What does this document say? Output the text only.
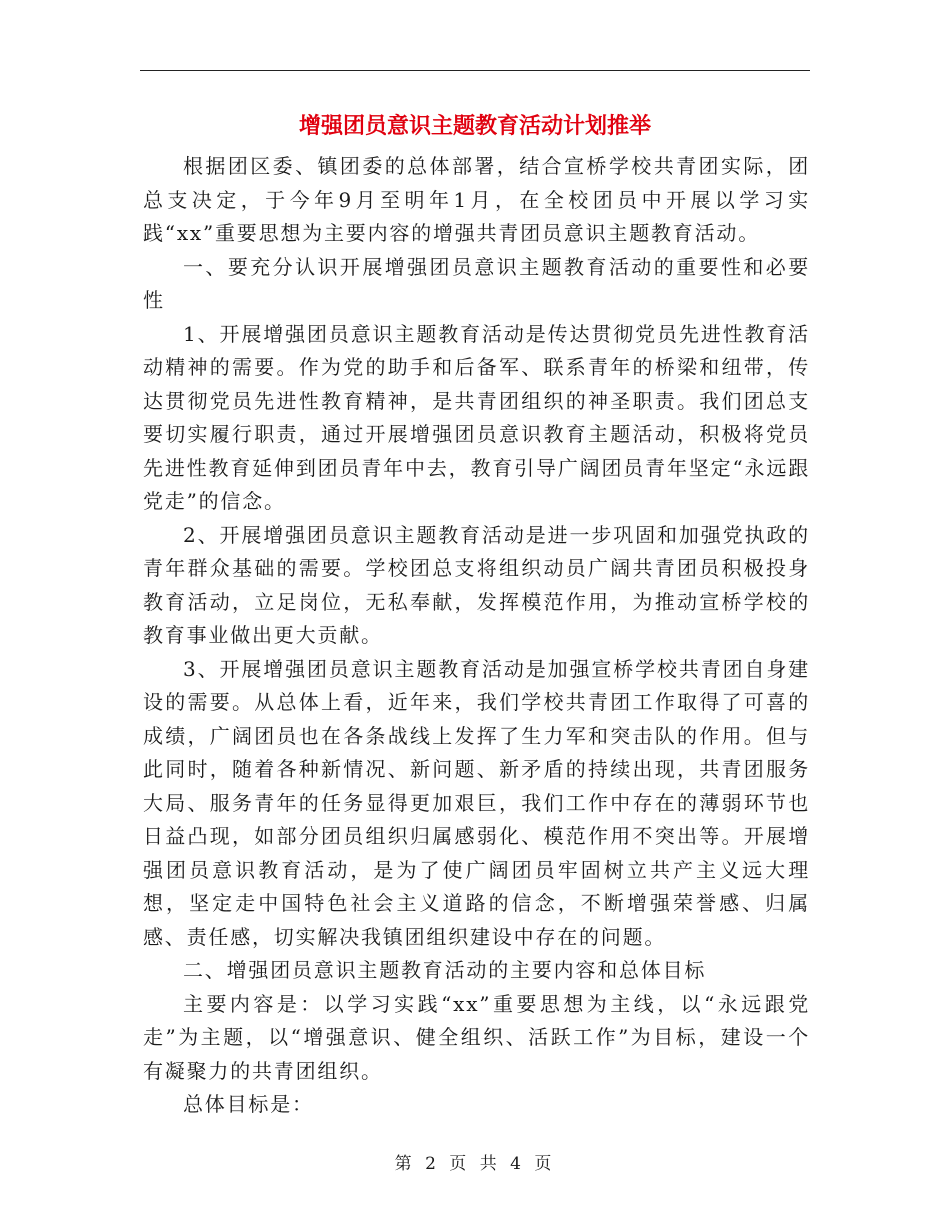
增强团员意识主题教育活动计划推举

根据团区委、镇团委的总体部署，结合宣桥学校共青团实际，团总支决定，于今年9月至明年1月，在全校团员中开展以学习实践“xx”重要思想为主要内容的增强共青团员意识主题教育活动。

一、要充分认识开展增强团员意识主题教育活动的重要性和必要性

1、开展增强团员意识主题教育活动是传达贯彻党员先进性教育活动精神的需要。作为党的助手和后备军、联系青年的桥梁和纽带，传达贯彻党员先进性教育精神，是共青团组织的神圣职责。我们团总支要切实履行职责，通过开展增强团员意识教育主题活动，积极将党员先进性教育延伸到团员青年中去，教育引导广阔团员青年坚定“永远跟党走”的信念。

2、开展增强团员意识主题教育活动是进一步巩固和加强党执政的青年群众基础的需要。学校团总支将组织动员广阔共青团员积极投身教育活动，立足岗位，无私奉献，发挥模范作用，为推动宣桥学校的教育事业做出更大贡献。

3、开展增强团员意识主题教育活动是加强宣桥学校共青团自身建设的需要。从总体上看，近年来，我们学校共青团工作取得了可喜的成绩，广阔团员也在各条战线上发挥了生力军和突击队的作用。但与此同时，随着各种新情况、新问题、新矛盾的持续出现，共青团服务大局、服务青年的任务显得更加艰巨，我们工作中存在的薄弱环节也日益凸现，如部分团员组织归属感弱化、模范作用不突出等。开展增强团员意识教育活动，是为了使广阔团员牢固树立共产主义远大理想，坚定走中国特色社会主义道路的信念，不断增强荣誉感、归属感、责任感，切实解决我镇团组织建设中存在的问题。

二、增强团员意识主题教育活动的主要内容和总体目标

主要内容是：以学习实践“xx”重要思想为主线，以“永远跟党走”为主题，以“增强意识、健全组织、活跃工作”为目标，建设一个有凝聚力的共青团组织。

总体目标是：

第 2 页 共 4 页
